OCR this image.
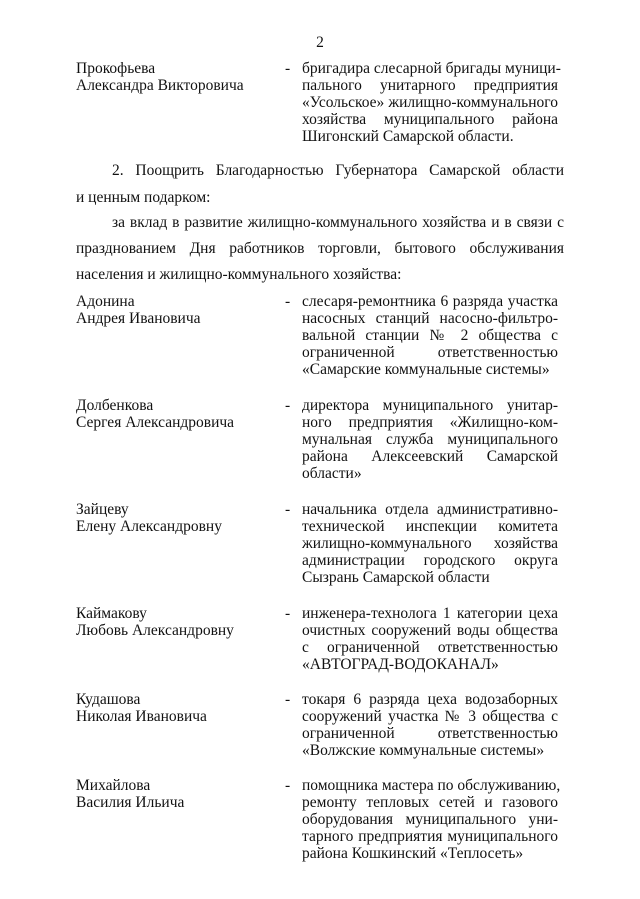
2
Прокофьева
Александра Викторовича
- бригадира слесарной бригады муници-
пального унитарного предприятия
«Усольское» жилищно-коммунального
хозяйства муниципального района
Шигонский Самарской области.
2. Поощрить Благодарностью Губернатора Самарской области
и ценным подарком:
за вклад в развитие жилищно-коммунального хозяйства и в связи с
празднованием Дня работников торговли, бытового обслуживания
населения и жилищно-коммунального хозяйства:
Адонина
Андрея Ивановича
- слесаря-ремонтника 6 разряда участка
насосных станций насосно-фильтро-
вальной станции № 2 общества с
ограниченной ответственностью
«Самарские коммунальные системы»
Долбенкова
Сергея Александровича
- директора муниципального унитар-
ного предприятия «Жилищно-ком-
мунальная служба муниципального
района Алексеевский Самарской
области»
Зайцеву
Елену Александровну
- начальника отдела административно-
технической инспекции комитета
жилищно-коммунального хозяйства
администрации городского округа
Сызрань Самарской области
Каймакову
Любовь Александровну
- инженера-технолога 1 категории цеха
очистных сооружений воды общества
с ограниченной ответственностью
«АВТОГРАД-ВОДОКАНАЛ»
Кудашова
Николая Ивановича
- токаря 6 разряда цеха водозаборных
сооружений участка № 3 общества с
ограниченной ответственностью
«Волжские коммунальные системы»
Михайлова
Василия Ильича
- помощника мастера по обслуживанию,
ремонту тепловых сетей и газового
оборудования муниципального уни-
тарного предприятия муниципального
района Кошкинский «Теплосеть»
